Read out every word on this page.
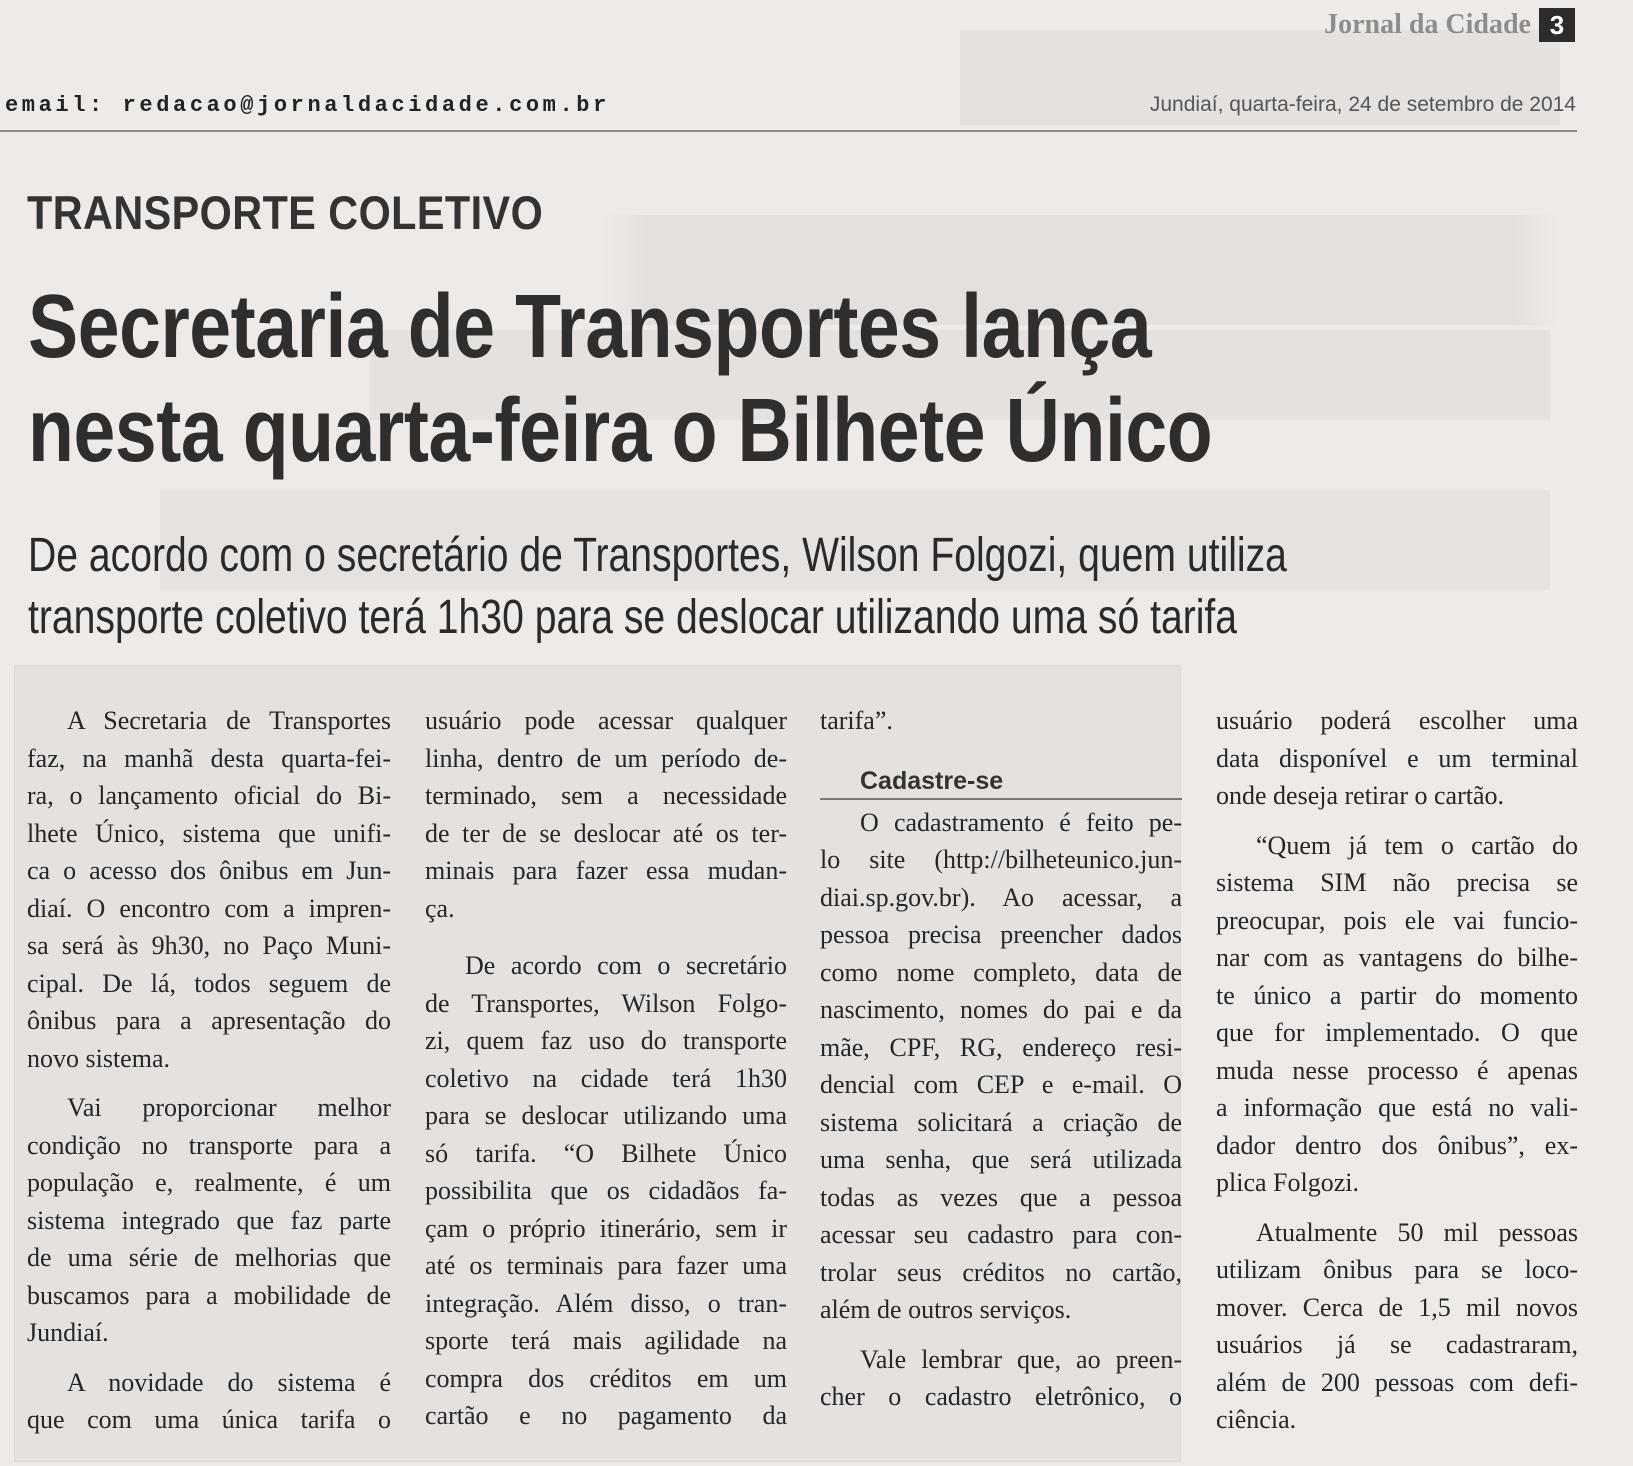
Jornal da Cidade 3
email: redacao@jornaldacidade.com.br	Jundiaí, quarta-feira, 24 de setembro de 2014
TRANSPORTE COLETIVO
Secretaria de Transportes lança
nesta quarta-feira o Bilhete Único
De acordo com o secretário de Transportes, Wilson Folgozi, quem utiliza
transporte coletivo terá 1h30 para se deslocar utilizando uma só tarifa

A Secretaria de Transportes
faz, na manhã desta quarta-fei-
ra, o lançamento oficial do Bi-
lhete Único, sistema que unifi-
ca o acesso dos ônibus em Jun-
diaí. O encontro com a impren-
sa será às 9h30, no Paço Muni-
cipal. De lá, todos seguem de
ônibus para a apresentação do
novo sistema.

Vai proporcionar melhor
condição no transporte para a
população e, realmente, é um
sistema integrado que faz parte
de uma série de melhorias que
buscamos para a mobilidade de
Jundiaí.

A novidade do sistema é
que com uma única tarifa o

usuário pode acessar qualquer
linha, dentro de um período de-
terminado, sem a necessidade
de ter de se deslocar até os ter-
minais para fazer essa mudan-
ça.

De acordo com o secretário
de Transportes, Wilson Folgo-
zi, quem faz uso do transporte
coletivo na cidade terá 1h30
para se deslocar utilizando uma
só tarifa. “O Bilhete Único
possibilita que os cidadãos fa-
çam o próprio itinerário, sem ir
até os terminais para fazer uma
integração. Além disso, o tran-
sporte terá mais agilidade na
compra dos créditos em um
cartão e no pagamento da

tarifa”.

Cadastre-se

O cadastramento é feito pe-
lo site (http://bilheteunico.jun-
diai.sp.gov.br). Ao acessar, a
pessoa precisa preencher dados
como nome completo, data de
nascimento, nomes do pai e da
mãe, CPF, RG, endereço resi-
dencial com CEP e e-mail. O
sistema solicitará a criação de
uma senha, que será utilizada
todas as vezes que a pessoa
acessar seu cadastro para con-
trolar seus créditos no cartão,
além de outros serviços.

Vale lembrar que, ao preen-
cher o cadastro eletrônico, o

usuário poderá escolher uma
data disponível e um terminal
onde deseja retirar o cartão.

“Quem já tem o cartão do
sistema SIM não precisa se
preocupar, pois ele vai funcio-
nar com as vantagens do bilhe-
te único a partir do momento
que for implementado. O que
muda nesse processo é apenas
a informação que está no vali-
dador dentro dos ônibus”, ex-
plica Folgozi.

Atualmente 50 mil pessoas
utilizam ônibus para se loco-
mover. Cerca de 1,5 mil novos
usuários já se cadastraram,
além de 200 pessoas com defi-
ciência.
